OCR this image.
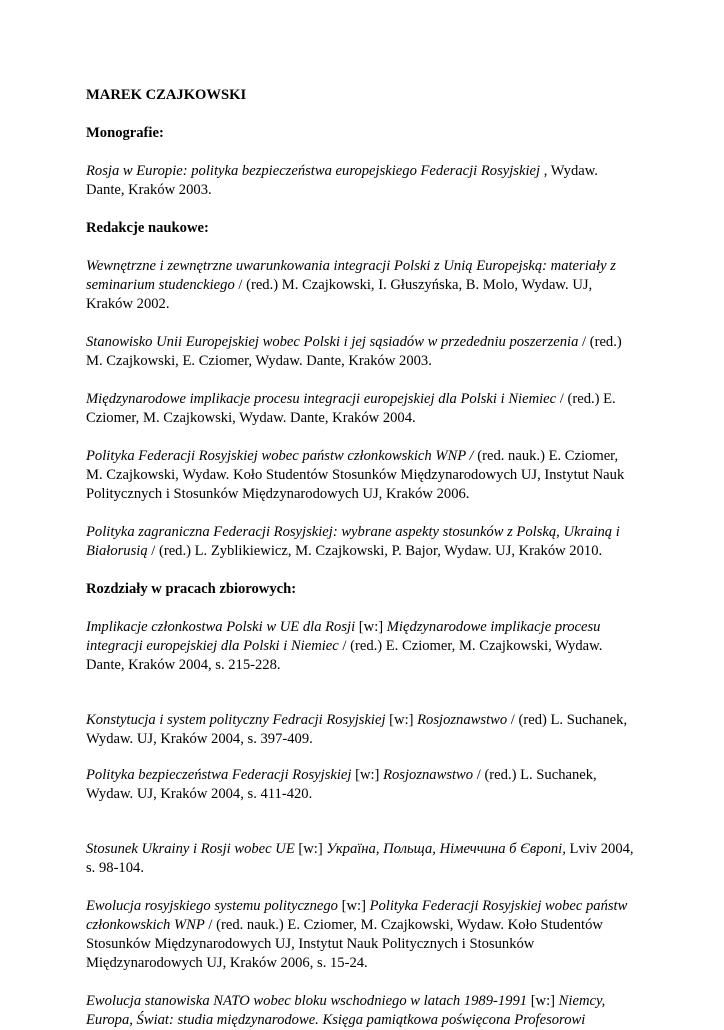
MAREK CZAJKOWSKI

Monografie:

Rosja w Europie: polityka bezpieczeństwa europejskiego Federacji Rosyjskiej , Wydaw. Dante, Kraków 2003.

Redakcje naukowe:

Wewnętrzne i zewnętrzne uwarunkowania integracji Polski z Unią Europejską: materiały z seminarium studenckiego / (red.) M. Czajkowski, I. Głuszyńska, B. Molo, Wydaw. UJ, Kraków 2002.

Stanowisko Unii Europejskiej wobec Polski i jej sąsiadów w przededniu poszerzenia / (red.) M. Czajkowski, E. Cziomer, Wydaw. Dante, Kraków 2003.

Międzynarodowe implikacje procesu integracji europejskiej dla Polski i Niemiec / (red.) E. Cziomer, M. Czajkowski, Wydaw. Dante, Kraków 2004.

Polityka Federacji Rosyjskiej wobec państw członkowskich WNP / (red. nauk.) E. Cziomer, M. Czajkowski, Wydaw. Koło Studentów Stosunków Międzynarodowych UJ, Instytut Nauk Politycznych i Stosunków Międzynarodowych UJ, Kraków 2006.

Polityka zagraniczna Federacji Rosyjskiej: wybrane aspekty stosunków z Polską, Ukrainą i Białorusią / (red.) L. Zyblikiewicz, M. Czajkowski, P. Bajor, Wydaw. UJ, Kraków 2010.

Rozdziały w pracach zbiorowych:

Implikacje członkostwa Polski w UE dla Rosji [w:] Międzynarodowe implikacje procesu integracji europejskiej dla Polski i Niemiec / (red.) E. Cziomer, M. Czajkowski, Wydaw. Dante, Kraków 2004, s. 215-228.

Konstytucja i system polityczny Fedracji Rosyjskiej [w:] Rosjoznawstwo / (red) L. Suchanek, Wydaw. UJ, Kraków 2004, s. 397-409.

Polityka bezpieczeństwa Federacji Rosyjskiej [w:] Rosjoznawstwo / (red.) L. Suchanek, Wydaw. UJ, Kraków 2004, s. 411-420.

Stosunek Ukrainy i Rosji wobec UE [w:] Україна, Польща, Німеччина б Європі, Lviv 2004, s. 98-104.

Ewolucja rosyjskiego systemu politycznego [w:] Polityka Federacji Rosyjskiej wobec państw członkowskich WNP / (red. nauk.) E. Cziomer, M. Czajkowski, Wydaw. Koło Studentów Stosunków Międzynarodowych UJ, Instytut Nauk Politycznych i Stosunków Międzynarodowych UJ, Kraków 2006, s. 15-24.

Ewolucja stanowiska NATO wobec bloku wschodniego w latach 1989-1991 [w:] Niemcy, Europa, Świat: studia międzynarodowe. Księga pamiątkowa poświęcona Profesorowi
